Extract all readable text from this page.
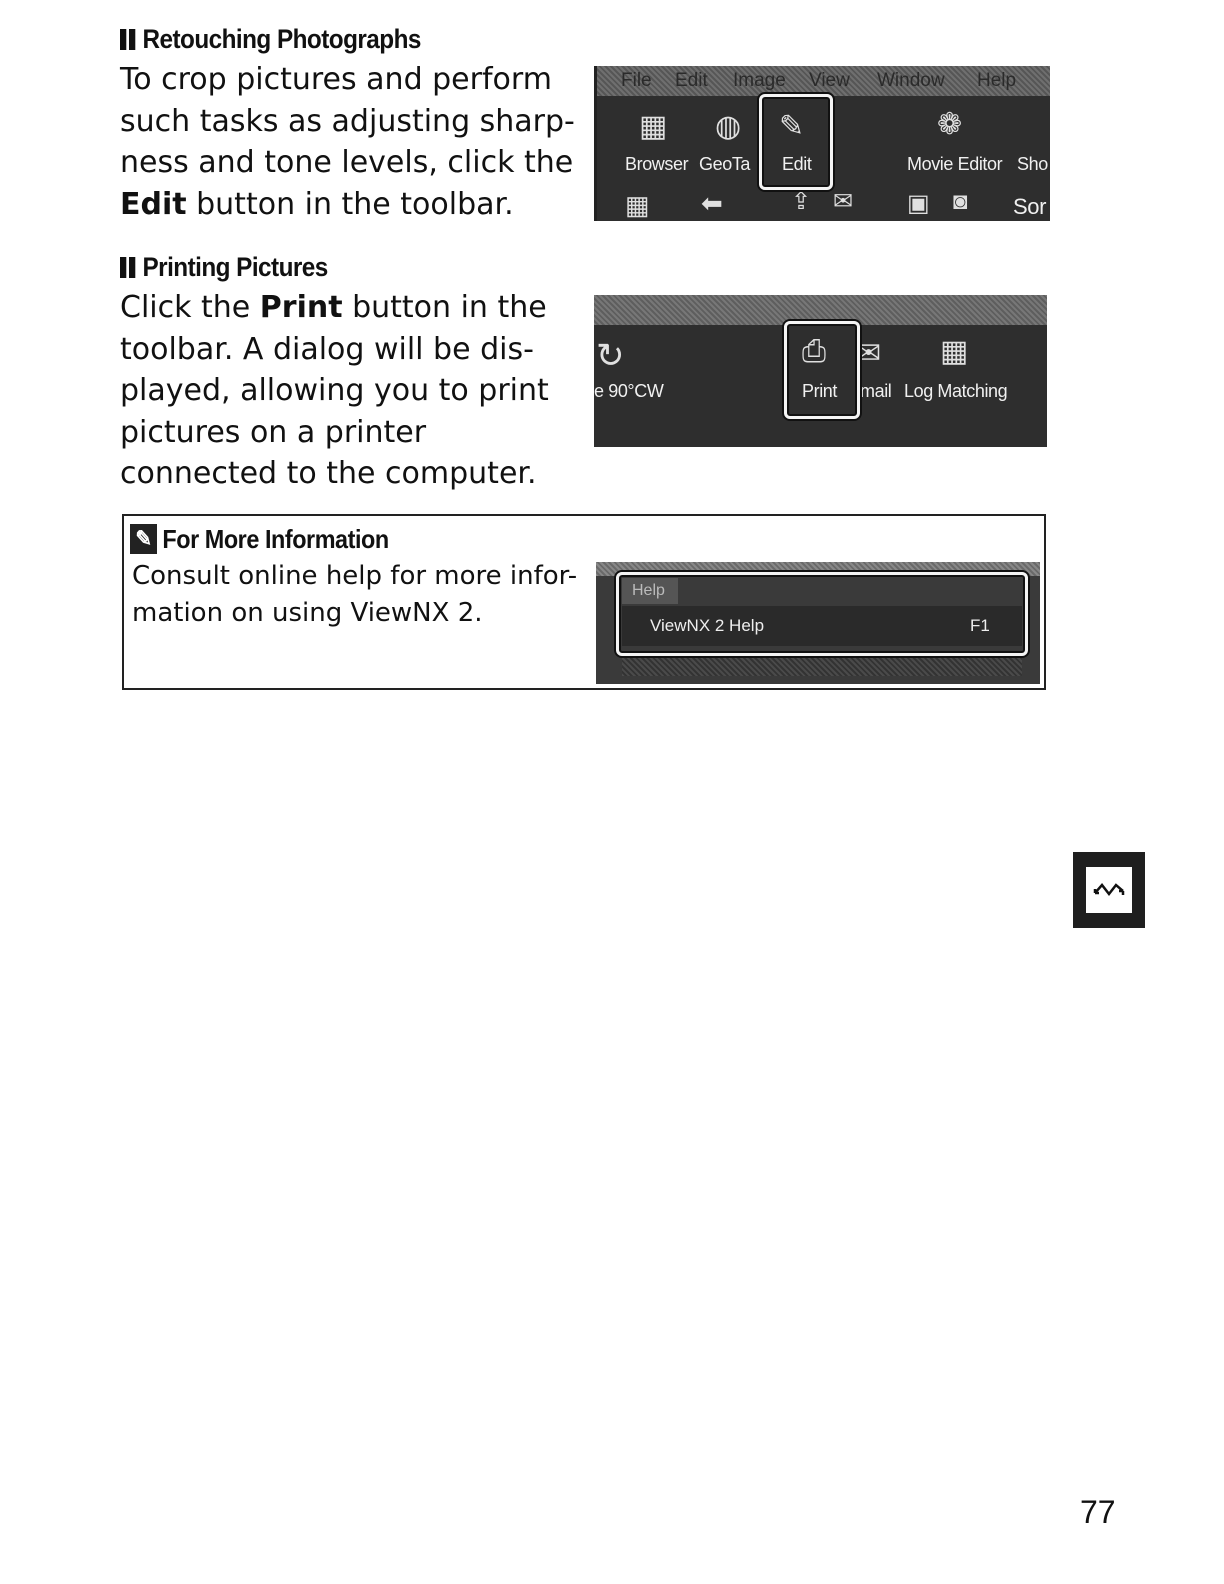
Retouching Photographs
To crop pictures and perform such tasks as adjusting sharp-ness and tone levels, click the Edit button in the toolbar.
File Edit Image View Window Help
▦ ◍ ✎	❁
Browser GeoTa Edit	Movie Editor Sho
▦ ⬅	⇪ ✉ ▣ ◙ Sor
Printing Pictures
Click the Print button in the toolbar. A dialog will be dis-played, allowing you to print pictures on a printer connected to the computer.
↻	⎙ ✉ ▦
e 90°CW	Print mail Log Matching
✎ For More Information
Consult online help for more infor-mation on using ViewNX 2.
Help
ViewNX 2 Help	F1
77
